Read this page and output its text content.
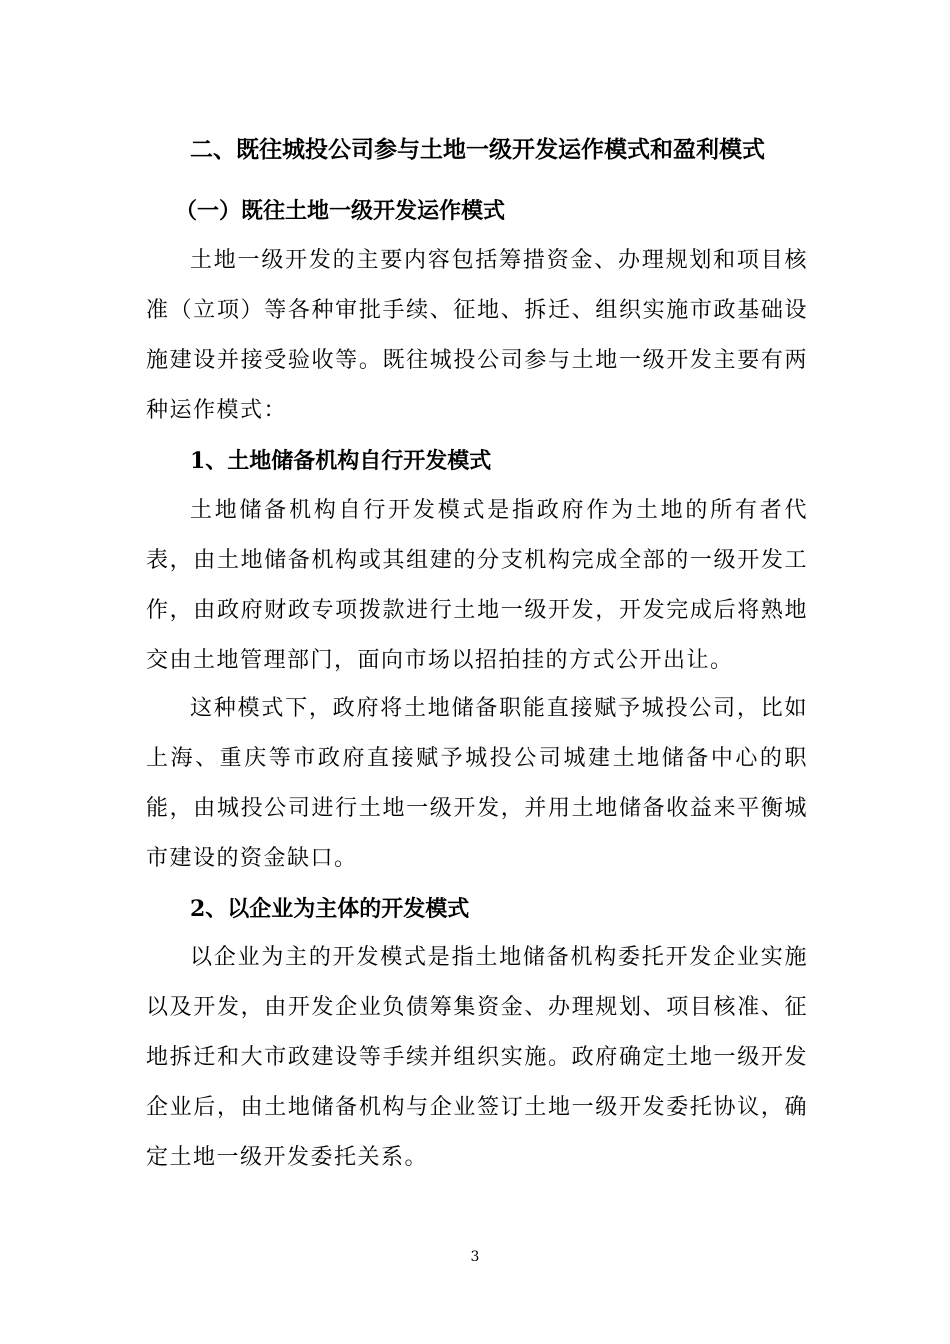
二、既往城投公司参与土地一级开发运作模式和盈利模式
（一）既往土地一级开发运作模式

土地一级开发的主要内容包括筹措资金、办理规划和项目核准（立项）等各种审批手续、征地、拆迁、组织实施市政基础设施建设并接受验收等。既往城投公司参与土地一级开发主要有两种运作模式：

1、土地储备机构自行开发模式

土地储备机构自行开发模式是指政府作为土地的所有者代表，由土地储备机构或其组建的分支机构完成全部的一级开发工作，由政府财政专项拨款进行土地一级开发，开发完成后将熟地交由土地管理部门，面向市场以招拍挂的方式公开出让。

这种模式下，政府将土地储备职能直接赋予城投公司，比如上海、重庆等市政府直接赋予城投公司城建土地储备中心的职能，由城投公司进行土地一级开发，并用土地储备收益来平衡城市建设的资金缺口。

2、以企业为主体的开发模式

以企业为主的开发模式是指土地储备机构委托开发企业实施以及开发，由开发企业负债筹集资金、办理规划、项目核准、征地拆迁和大市政建设等手续并组织实施。政府确定土地一级开发企业后，由土地储备机构与企业签订土地一级开发委托协议，确定土地一级开发委托关系。

3
